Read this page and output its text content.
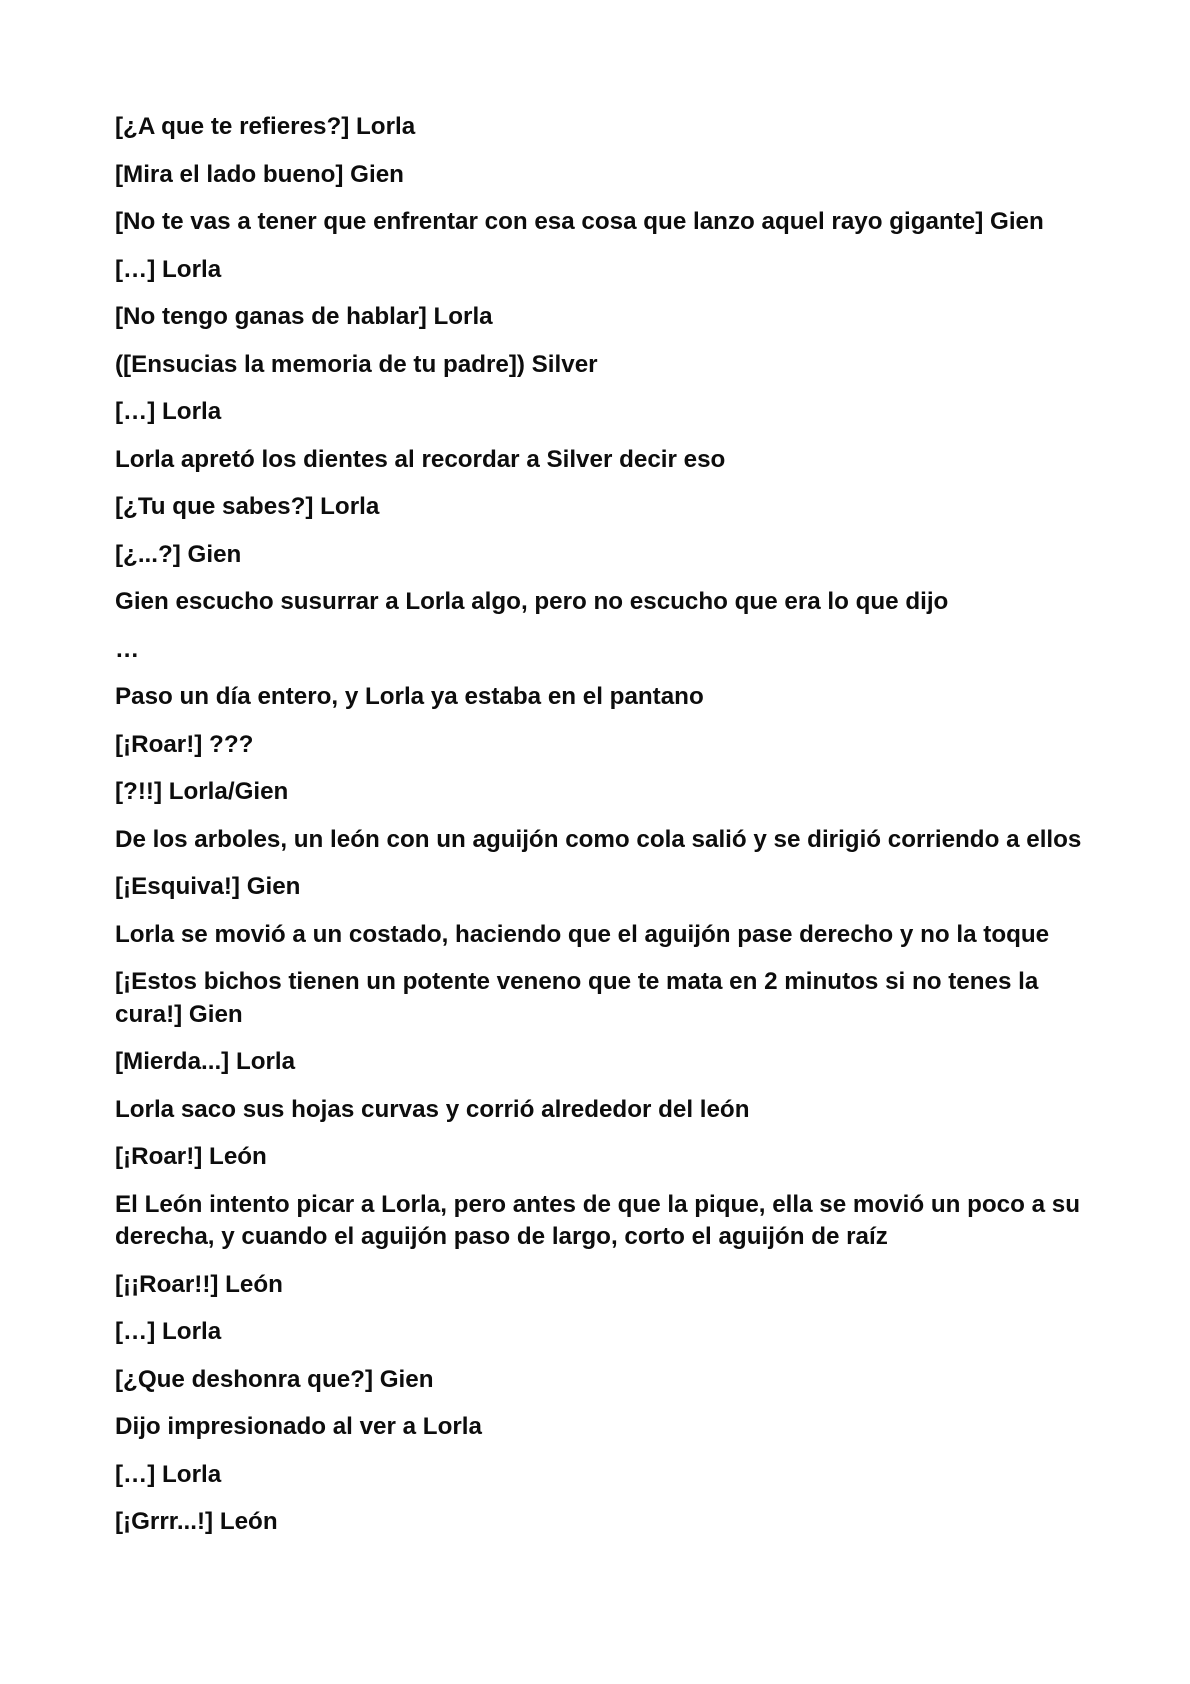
[¿A que te refieres?] Lorla

[Mira el lado bueno] Gien

[No te vas a tener que enfrentar con esa cosa que lanzo aquel rayo gigante] Gien

[…] Lorla

[No tengo ganas de hablar] Lorla

([Ensucias la memoria de tu padre]) Silver

[…] Lorla

Lorla apretó los dientes al recordar a Silver decir eso

[¿Tu que sabes?] Lorla

[¿...?] Gien

Gien escucho susurrar a Lorla algo, pero no escucho que era lo que dijo

…

Paso un día entero, y Lorla ya estaba en el pantano

[¡Roar!] ???

[?!!] Lorla/Gien

De los arboles, un león con un aguijón como cola salió y se dirigió corriendo a ellos

[¡Esquiva!] Gien

Lorla se movió a un costado, haciendo que el aguijón pase derecho y no la toque

[¡Estos bichos tienen un potente veneno que te mata en 2 minutos si no tenes la cura!] Gien

[Mierda...] Lorla

Lorla saco sus hojas curvas y corrió alrededor del león

[¡Roar!] León

El León intento picar a Lorla, pero antes de que la pique, ella se movió un poco a su derecha, y cuando el aguijón paso de largo, corto el aguijón de raíz

[¡¡Roar!!] León

[…] Lorla

[¿Que deshonra que?] Gien

Dijo impresionado al ver a Lorla

[…] Lorla

[¡Grrr...!] León
